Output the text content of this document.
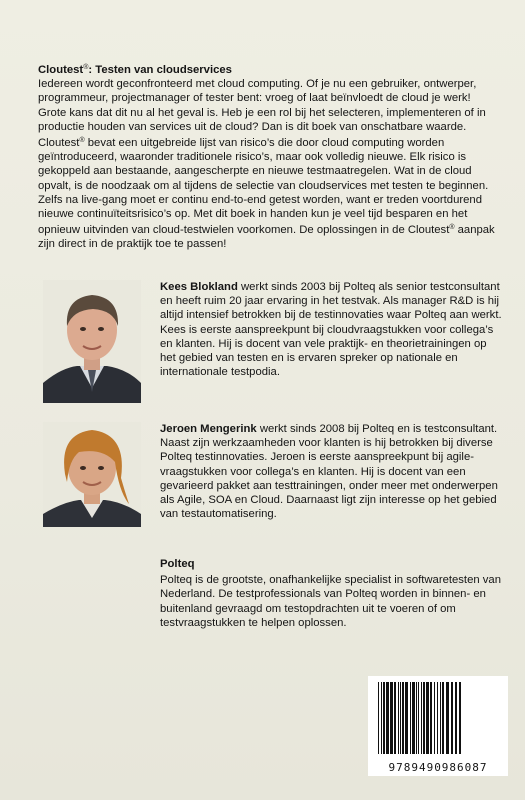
Cloutest®: Testen van cloudservices

Iedereen wordt geconfronteerd met cloud computing. Of je nu een gebruiker, ontwerper, programmeur, projectmanager of tester bent: vroeg of laat beïnvloedt de cloud je werk! Grote kans dat dit nu al het geval is. Heb je een rol bij het selecteren, implementeren of in productie houden van services uit de cloud? Dan is dit boek van onschatbare waarde. Cloutest® bevat een uitgebreide lijst van risico’s die door cloud computing worden geïntroduceerd, waaronder traditionele risico’s, maar ook volledig nieuwe. Elk risico is gekoppeld aan bestaande, aangescherpte en nieuwe testmaatregelen. Wat in de cloud opvalt, is de noodzaak om al tijdens de selectie van cloudservices met testen te beginnen. Zelfs na live-gang moet er continu end-to-end getest worden, want er treden voortdurend nieuwe continuïteitsrisico’s op. Met dit boek in handen kun je veel tijd besparen en het opnieuw uitvinden van cloud-testwielen voorkomen. De oplossingen in de Cloutest® aanpak zijn direct in de praktijk toe te passen!

Kees Blokland werkt sinds 2003 bij Polteq als senior testconsultant en heeft ruim 20 jaar ervaring in het testvak. Als manager R&D is hij altijd intensief betrokken bij de testinnovaties waar Polteq aan werkt. Kees is eerste aanspreekpunt bij cloudvraagstukken voor collega’s en klanten. Hij is docent van vele praktijk- en theorietrainingen op het gebied van testen en is ervaren spreker op nationale en internationale testpodia.

Jeroen Mengerink werkt sinds 2008 bij Polteq en is testconsultant. Naast zijn werkzaamheden voor klanten is hij betrokken bij diverse Polteq testinnovaties. Jeroen is eerste aanspreekpunt bij agile-vraagstukken voor collega’s en klanten. Hij is docent van een gevarieerd pakket aan testtrainingen, onder meer met onderwerpen als Agile, SOA en Cloud. Daarnaast ligt zijn interesse op het gebied van testautomatisering.

Polteq

Polteq is de grootste, onafhankelijke specialist in softwaretesten van Nederland. De testprofessionals van Polteq worden in binnen- en buitenland gevraagd om testopdrachten uit te voeren of om testvraagstukken te helpen oplossen.

9789490986087
